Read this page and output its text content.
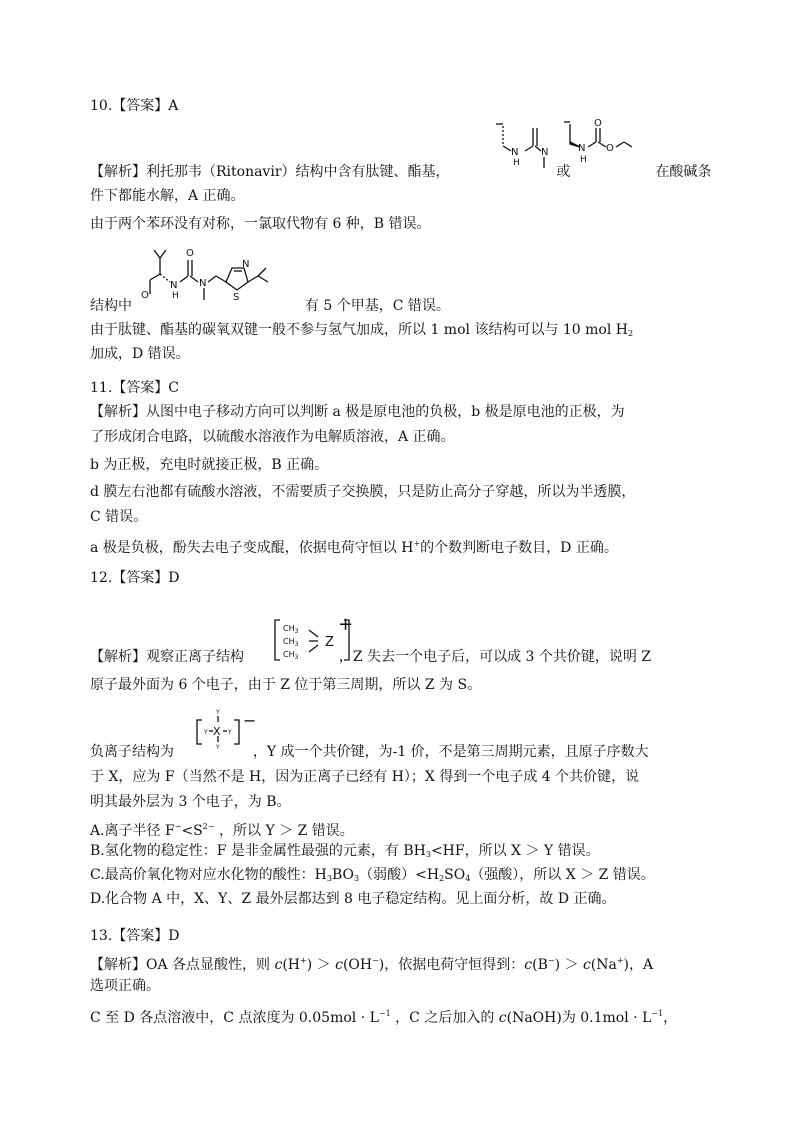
10.【答案】A
N
H
N	N
H
O
O
【解析】利托那韦（Ritonavir）结构中含有肽键、酯基，	或	在酸碱条
件下都能水解，A 正确。
由于两个苯环没有对称，一氯取代物有 6 种，B 错误。
O
N
H
O
N
N
S
结构中	有 5 个甲基，C 错误。
由于肽键、酯基的碳氧双键一般不参与氢气加成，所以 1 mol 该结构可以与 10 mol $H_2$
加成，D 错误。
11.【答案】C
【解析】从图中电子移动方向可以判断 a 极是原电池的负极，b 极是原电池的正极，为
了形成闭合电路，以硫酸水溶液作为电解质溶液，A 正确。
b 为正极，充电时就接正极，B 正确。
d 膜左右池都有硫酸水溶液，不需要质子交换膜，只是防止高分子穿越，所以为半透膜，
C 错误。
a 极是负极，酚失去电子变成醌，依据电荷守恒以 H+的个数判断电子数目，D 正确。
12.【答案】D
$CH_3$
$CH_3$
$CH_3$
Z
+
【解析】观察正离子结构	，Z 失去一个电子后，可以成 3 个共价键，说明 Z
原子最外面为 6 个电子，由于 Z 位于第三周期，所以 Z 为 S。
Y
X
Y	Y
Y
−
负离子结构为	，Y 成一个共价键，为-1 价，不是第三周期元素，且原子序数大
于 X，应为 F（当然不是 H，因为正离子已经有 H）；X 得到一个电子成 4 个共价键，说
明其最外层为 3 个电子，为 B。
A.离子半径 $F^-<S^{2-}$ ，所以 Y ＞ Z 错误。
B.氢化物的稳定性：F 是非金属性最强的元素，有 $BH_3<HF$，所以 X ＞ Y 错误。
C.最高价氧化物对应水化物的酸性：$H_3BO_3$（弱酸）$<H_2SO_4$（强酸），所以 X ＞ Z 错误。
D.化合物 A 中，X、Y、Z 最外层都达到 8 电子稳定结构。见上面分析，故 D 正确。
13.【答案】D
【解析】OA 各点显酸性，则 c(H+) ＞ c(OH−)，依据电荷守恒得到：c(B−) ＞ c(Na+)，A
选项正确。
C 至 D 各点溶液中，C 点浓度为 $0.05mol \cdot L^{-1}$ ，C 之后加入的 c(NaOH)为 $0.1mol \cdot L^{-1}$，
